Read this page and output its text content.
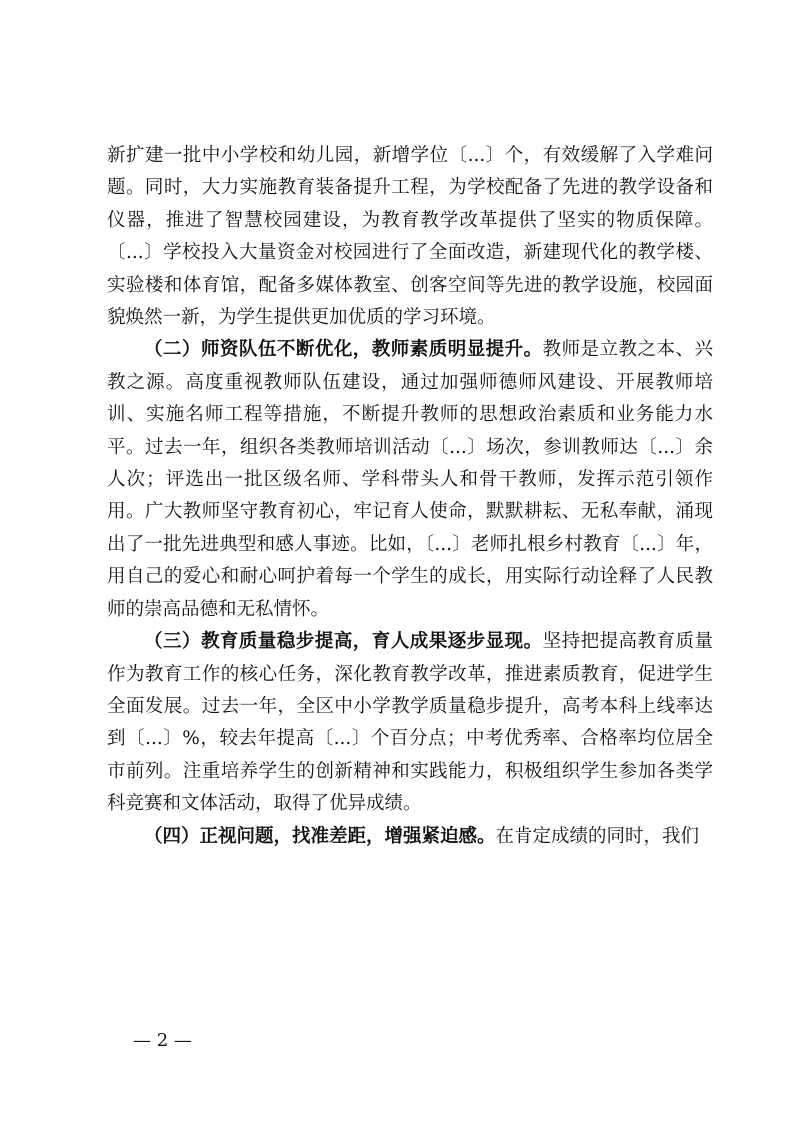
新扩建一批中小学校和幼儿园，新增学位〔...〕个，有效缓解了入学难问题。同时，大力实施教育装备提升工程，为学校配备了先进的教学设备和仪器，推进了智慧校园建设，为教育教学改革提供了坚实的物质保障。〔...〕学校投入大量资金对校园进行了全面改造，新建现代化的教学楼、实验楼和体育馆，配备多媒体教室、创客空间等先进的教学设施，校园面貌焕然一新，为学生提供更加优质的学习环境。

（二）师资队伍不断优化，教师素质明显提升。教师是立教之本、兴教之源。高度重视教师队伍建设，通过加强师德师风建设、开展教师培训、实施名师工程等措施，不断提升教师的思想政治素质和业务能力水平。过去一年，组织各类教师培训活动〔...〕场次，参训教师达〔...〕余人次；评选出一批区级名师、学科带头人和骨干教师，发挥示范引领作用。广大教师坚守教育初心，牢记育人使命，默默耕耘、无私奉献，涌现出了一批先进典型和感人事迹。比如，〔...〕老师扎根乡村教育〔...〕年，用自己的爱心和耐心呵护着每一个学生的成长，用实际行动诠释了人民教师的崇高品德和无私情怀。

（三）教育质量稳步提高，育人成果逐步显现。坚持把提高教育质量作为教育工作的核心任务，深化教育教学改革，推进素质教育，促进学生全面发展。过去一年，全区中小学教学质量稳步提升，高考本科上线率达到〔...〕%，较去年提高〔...〕个百分点；中考优秀率、合格率均位居全市前列。注重培养学生的创新精神和实践能力，积极组织学生参加各类学科竞赛和文体活动，取得了优异成绩。

（四）正视问题，找准差距，增强紧迫感。在肯定成绩的同时，我们

— 2 —
